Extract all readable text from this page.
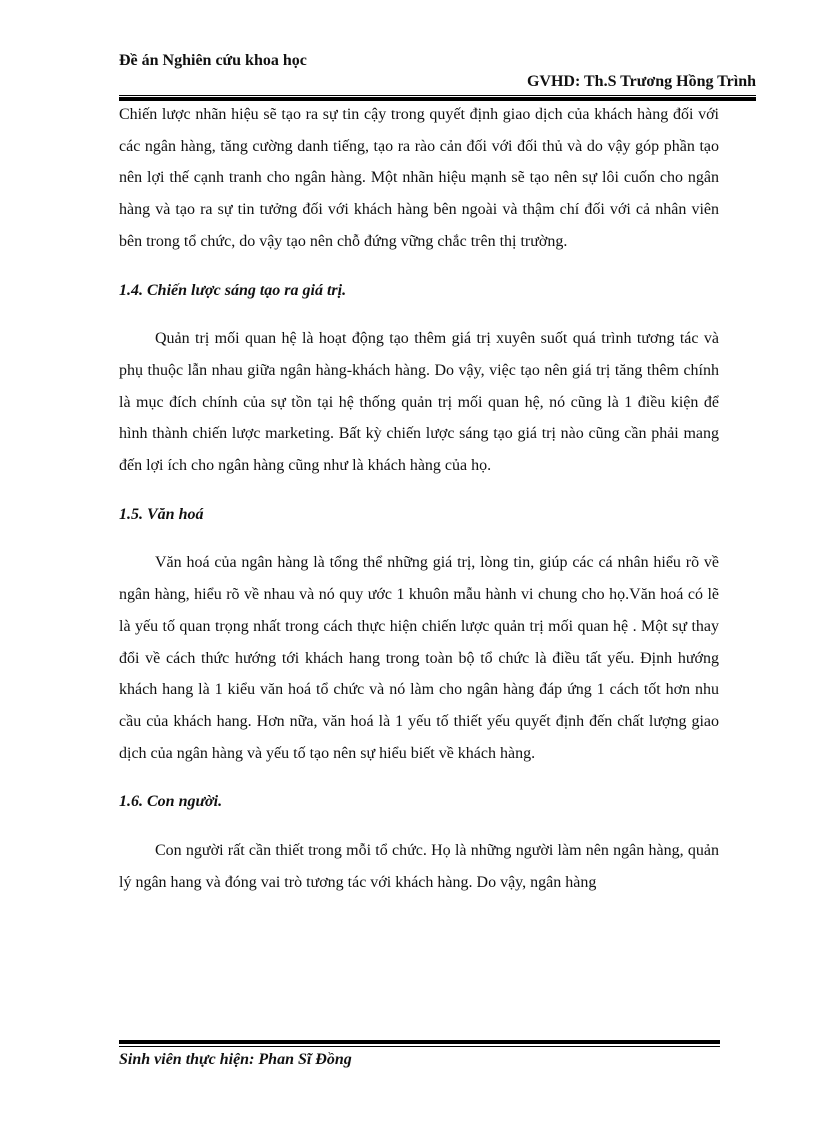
Đề án Nghiên cứu khoa học
GVHD: Th.S Trương Hồng Trình

Chiến lược nhãn hiệu sẽ tạo ra sự tin cậy trong quyết định giao dịch của khách hàng đối với các ngân hàng, tăng cường danh tiếng, tạo ra rào cản đối với đối thủ và do vậy góp phần tạo nên lợi thế cạnh tranh cho ngân hàng. Một nhãn hiệu mạnh sẽ tạo nên sự lôi cuốn cho ngân hàng và tạo ra sự tin tưởng đối với khách hàng bên ngoài và thậm chí đối với cả nhân viên bên trong tổ chức, do vậy tạo nên chỗ đứng vững chắc trên thị trường.

1.4. Chiến lược sáng tạo ra giá trị.

Quản trị mối quan hệ là hoạt động tạo thêm giá trị xuyên suốt quá trình tương tác và phụ thuộc lẫn nhau giữa ngân hàng-khách hàng. Do vậy, việc tạo nên giá trị tăng thêm chính là mục đích chính của sự tồn tại hệ thống quản trị mối quan hệ, nó cũng là 1 điều kiện để hình thành chiến lược marketing. Bất kỳ chiến lược sáng tạo giá trị nào cũng cần phải mang đến lợi ích cho ngân hàng cũng như là khách hàng của họ.

1.5. Văn hoá

Văn hoá của ngân hàng là tổng thể những giá trị, lòng tin, giúp các cá nhân hiểu rõ về ngân hàng, hiểu rõ về nhau và nó quy ước 1 khuôn mẫu hành vi chung cho họ.Văn hoá có lẽ là yếu tố quan trọng nhất trong cách thực hiện chiến lược quản trị mối quan hệ . Một sự thay đổi về cách thức hướng tới khách hang trong toàn bộ tổ chức là điều tất yếu. Định hướng khách hang là 1 kiểu văn hoá tổ chức và nó làm cho ngân hàng đáp ứng 1 cách tốt hơn nhu cầu của khách hang. Hơn nữa, văn hoá là 1 yếu tố thiết yếu quyết định đến chất lượng giao dịch của ngân hàng và yếu tố tạo nên sự hiểu biết về khách hàng.

1.6. Con người.

Con người rất cần thiết trong mỗi tổ chức. Họ là những người làm nên ngân hàng, quản lý ngân hang và đóng vai trò tương tác với khách hàng. Do vậy, ngân hàng

Sinh viên thực hiện: Phan Sĩ Đồng
